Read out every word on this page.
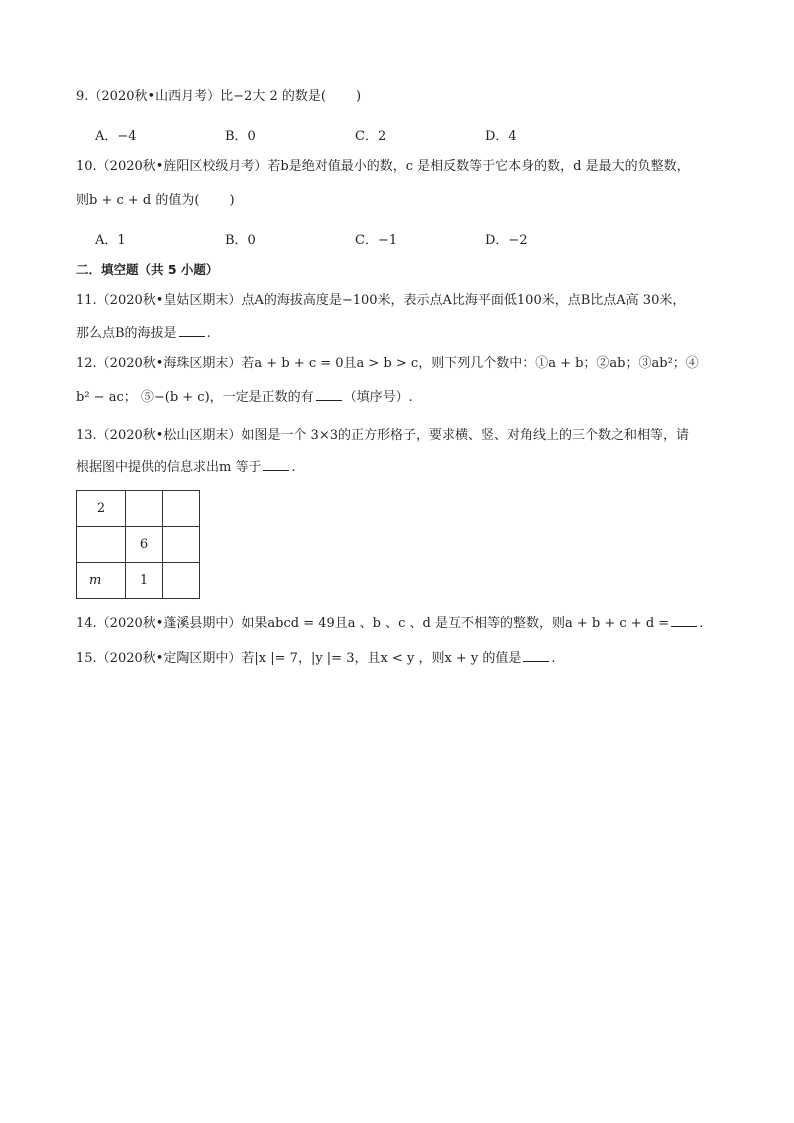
9.（2020秋•山西月考）比−2大 2 的数是( )
A．−4	B．0	C．2	D．4
10.（2020秋•旌阳区校级月考）若b是绝对值最小的数，c 是相反数等于它本身的数，d 是最大的负整数，
则b + c + d 的值为( )
A．1	B．0	C．−1	D．−2
二．填空题（共 5 小题）
11.（2020秋•皇姑区期末）点A的海拔高度是−100米，表示点A比海平面低100米，点B比点A高 30米，
那么点B的海拔是 .
12.（2020秋•海珠区期末）若a + b + c = 0且a > b > c，则下列几个数中：①a + b；②ab；③ab²；④
b² − ac； ⑤−(b + c)，一定是正数的有 （填序号）.
13.（2020秋•松山区期末）如图是一个 3×3的正方形格子，要求横、竖、对角线上的三个数之和相等，请
根据图中提供的信息求出m 等于 .
2		
	6	
m	1	
14.（2020秋•蓬溪县期中）如果abcd = 49且a 、b 、c 、d 是互不相等的整数，则a + b + c + d = .
15.（2020秋•定陶区期中）若|x |= 7，|y |= 3，且x < y ，则x + y 的值是 .
